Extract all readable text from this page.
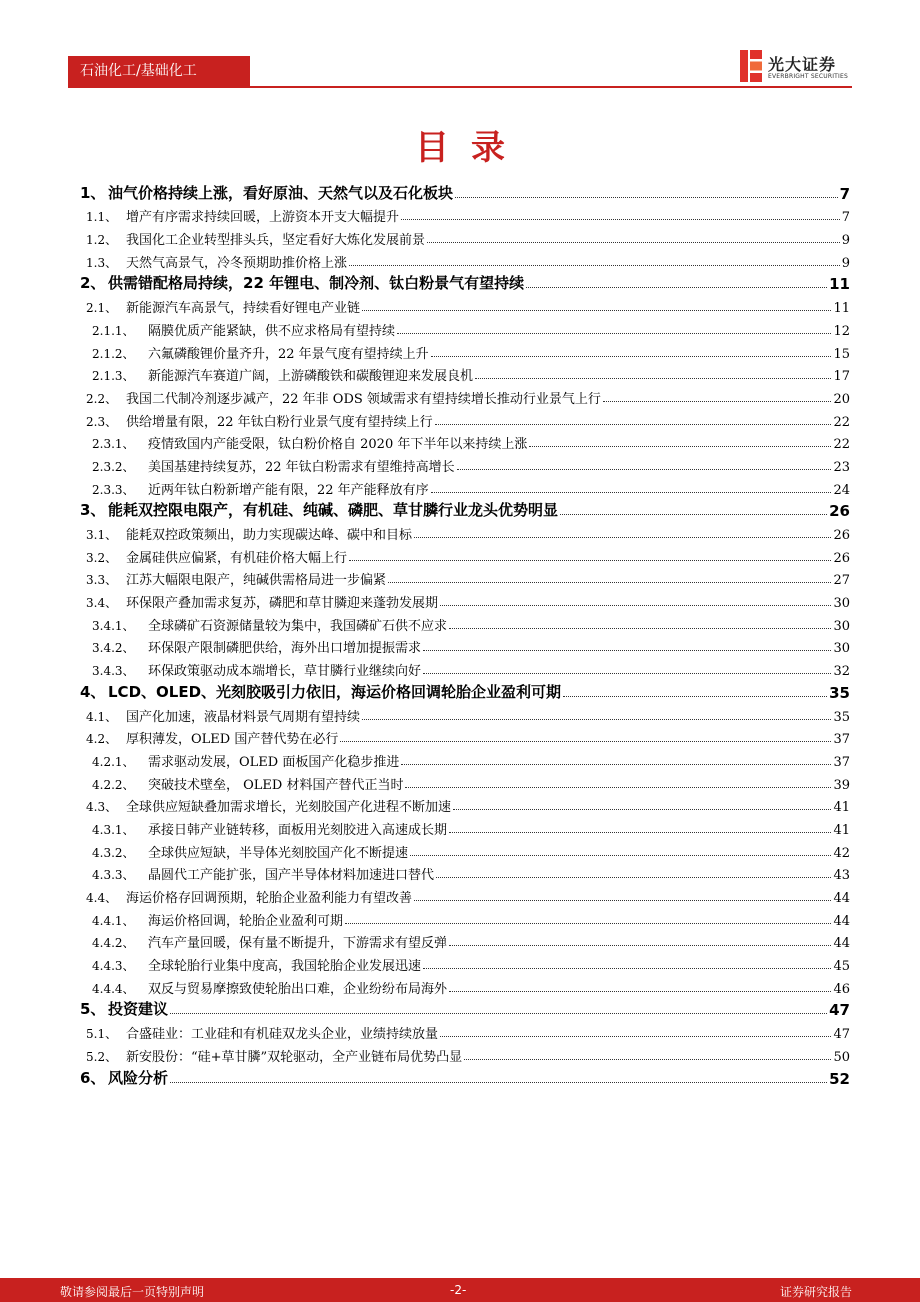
石油化工/基础化工	光大证券
EVERBRIGHT SECURITIES
目录
1、 油气价格持续上涨，看好原油、天然气以及石化板块	7
1.1、 增产有序需求持续回暖，上游资本开支大幅提升	7
1.2、 我国化工企业转型排头兵，坚定看好大炼化发展前景	9
1.3、 天然气高景气，冷冬预期助推价格上涨	9
2、 供需错配格局持续，22 年锂电、制冷剂、钛白粉景气有望持续	11
2.1、 新能源汽车高景气，持续看好锂电产业链	11
2.1.1、	隔膜优质产能紧缺，供不应求格局有望持续	12
2.1.2、	六氟磷酸锂价量齐升，22 年景气度有望持续上升	15
2.1.3、	新能源汽车赛道广阔，上游磷酸铁和碳酸锂迎来发展良机	17
2.2、 我国二代制冷剂逐步减产，22 年非 ODS 领域需求有望持续增长推动行业景气上行	20
2.3、 供给增量有限，22 年钛白粉行业景气度有望持续上行	22
2.3.1、	疫情致国内产能受限，钛白粉价格自 2020 年下半年以来持续上涨	22
2.3.2、	美国基建持续复苏，22 年钛白粉需求有望维持高增长	23
2.3.3、	近两年钛白粉新增产能有限，22 年产能释放有序	24
3、 能耗双控限电限产，有机硅、纯碱、磷肥、草甘膦行业龙头优势明显	26
3.1、 能耗双控政策频出，助力实现碳达峰、碳中和目标	26
3.2、 金属硅供应偏紧，有机硅价格大幅上行	26
3.3、 江苏大幅限电限产，纯碱供需格局进一步偏紧	27
3.4、 环保限产叠加需求复苏，磷肥和草甘膦迎来蓬勃发展期	30
3.4.1、	全球磷矿石资源储量较为集中，我国磷矿石供不应求	30
3.4.2、	环保限产限制磷肥供给，海外出口增加提振需求	30
3.4.3、	环保政策驱动成本端增长，草甘膦行业继续向好	32
4、 LCD、OLED、光刻胶吸引力依旧，海运价格回调轮胎企业盈利可期	35
4.1、 国产化加速，液晶材料景气周期有望持续	35
4.2、 厚积薄发，OLED 国产替代势在必行	37
4.2.1、	需求驱动发展，OLED 面板国产化稳步推进	37
4.2.2、	突破技术壁垒， OLED 材料国产替代正当时	39
4.3、 全球供应短缺叠加需求增长，光刻胶国产化进程不断加速	41
4.3.1、	承接日韩产业链转移，面板用光刻胶进入高速成长期	41
4.3.2、	全球供应短缺，半导体光刻胶国产化不断提速	42
4.3.3、	晶圆代工产能扩张，国产半导体材料加速进口替代	43
4.4、 海运价格存回调预期，轮胎企业盈利能力有望改善	44
4.4.1、	海运价格回调，轮胎企业盈利可期	44
4.4.2、	汽车产量回暖，保有量不断提升，下游需求有望反弹	44
4.4.3、	全球轮胎行业集中度高，我国轮胎企业发展迅速	45
4.4.4、	双反与贸易摩擦致使轮胎出口难，企业纷纷布局海外	46
5、 投资建议	47
5.1、 合盛硅业：工业硅和有机硅双龙头企业，业绩持续放量	47
5.2、 新安股份：“硅+草甘膦”双轮驱动，全产业链布局优势凸显	50
6、 风险分析	52
敬请参阅最后一页特别声明	-2-	证券研究报告
